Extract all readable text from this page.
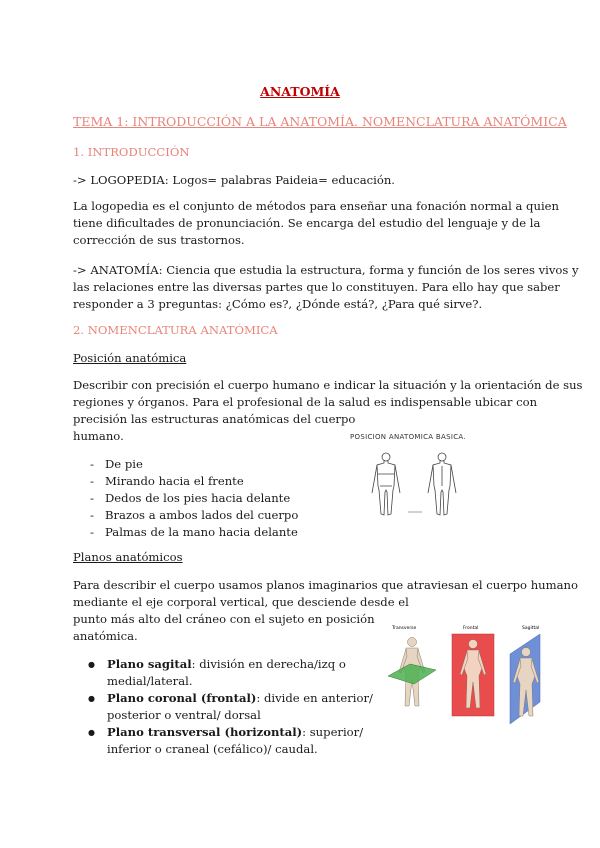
ANATOMÍA
TEMA 1: INTRODUCCIÓN A LA ANATOMÍA. NOMENCLATURA ANATÓMICA
1. INTRODUCCIÓN
-> LOGOPEDIA: Logos= palabras Paideia= educación.
La logopedia es el conjunto de métodos para enseñar una fonación normal a quien
tiene dificultades de pronunciación. Se encarga del estudio del lenguaje y de la
corrección de sus trastornos.
-> ANATOMÍA: Ciencia que estudia la estructura, forma y función de los seres vivos y
las relaciones entre las diversas partes que lo constituyen. Para ello hay que saber
responder a 3 preguntas: ¿Cómo es?, ¿Dónde está?, ¿Para qué sirve?.
2. NOMENCLATURA ANATÓMICA
Posición anatómica
Describir con precisión el cuerpo humano e indicar la situación y la orientación de sus
regiones y órganos. Para el profesional de la salud es indispensable ubicar con
precisión las estructuras anatómicas del cuerpo
humano.
- De pie
- Mirando hacia el frente
- Dedos de los pies hacia delante
- Brazos a ambos lados del cuerpo
- Palmas de la mano hacia delante
POSICION ANATOMICA BASICA.
Planos anatómicos
Para describir el cuerpo usamos planos imaginarios que atraviesan el cuerpo humano
mediante el eje corporal vertical, que desciende desde el
punto más alto del cráneo con el sujeto en posición
anatómica.
● Plano sagital: división en derecha/izq o medial/lateral.
● Plano coronal (frontal): divide en anterior/ posterior o ventral/ dorsal
● Plano transversal (horizontal): superior/ inferior o craneal (cefálico)/ caudal.
Transverse	Frontal	Sagittal
